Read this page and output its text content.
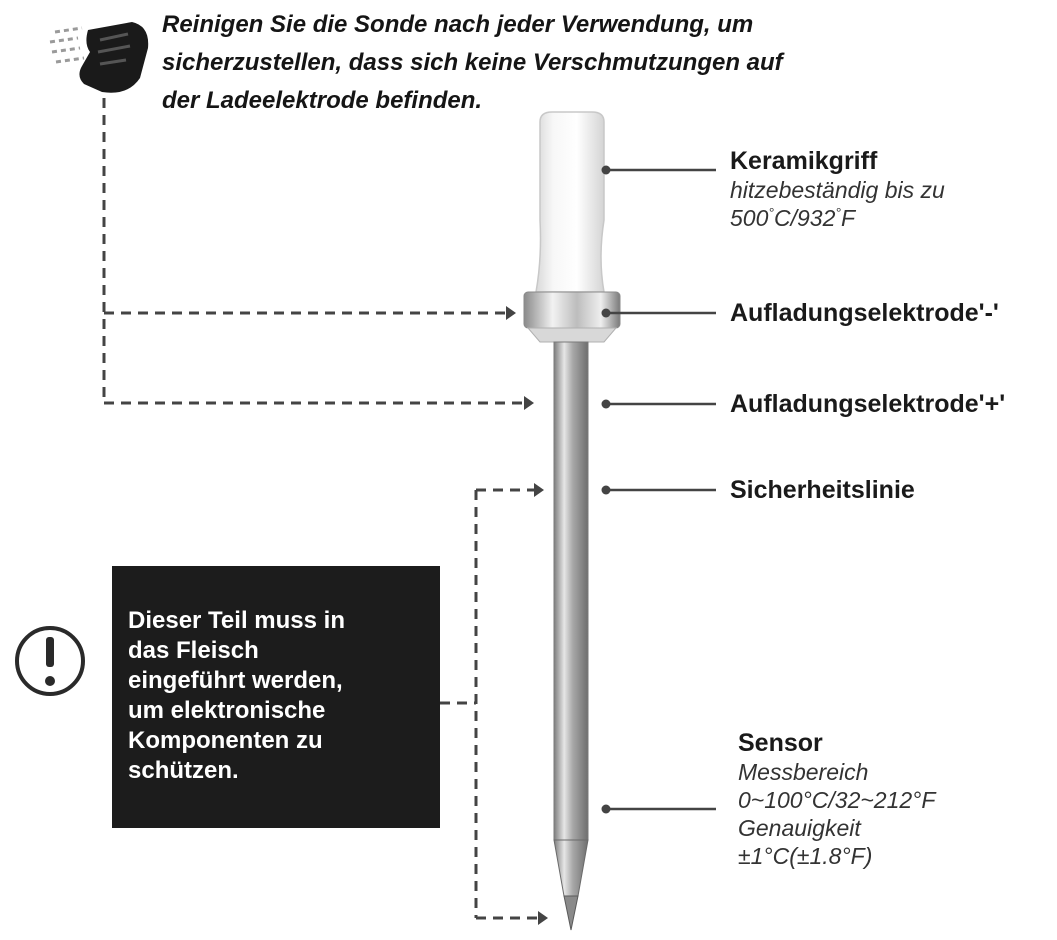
Reinigen Sie die Sonde nach jeder Verwendung, um
sicherzustellen, dass sich keine Verschmutzungen auf
der Ladeelektrode befinden.
Keramikgriff
hitzebeständig bis zu
500°C/932°F
Aufladungselektrode'-'
Aufladungselektrode'+'
Sicherheitslinie
Sensor
Messbereich
0~100°C/32~212°F
Genauigkeit
±1°C(±1.8°F)
Dieser Teil muss in
das Fleisch
eingeführt werden,
um elektronische
Komponenten zu
schützen.
